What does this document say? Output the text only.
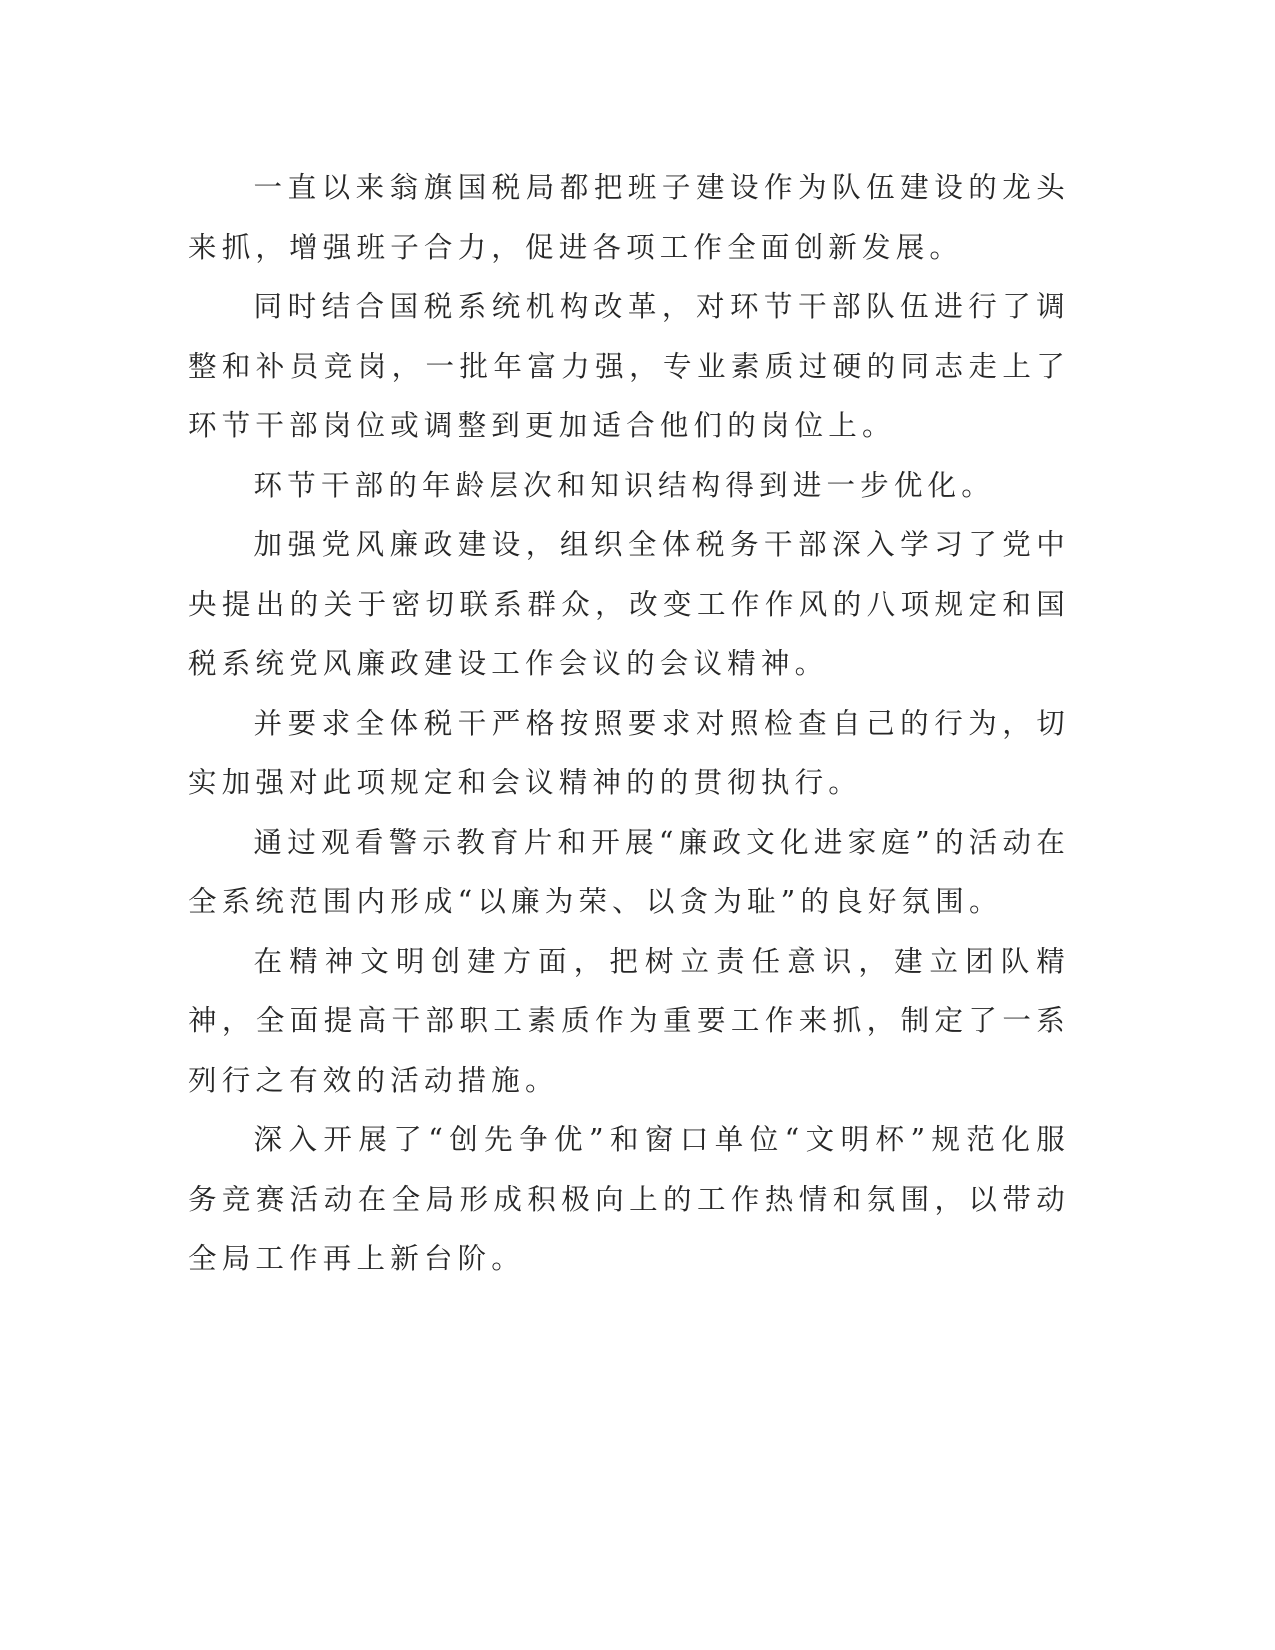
一直以来翁旗国税局都把班子建设作为队伍建设的龙头来抓，增强班子合力，促进各项工作全面创新发展。

同时结合国税系统机构改革，对环节干部队伍进行了调整和补员竞岗，一批年富力强，专业素质过硬的同志走上了环节干部岗位或调整到更加适合他们的岗位上。

环节干部的年龄层次和知识结构得到进一步优化。

加强党风廉政建设，组织全体税务干部深入学习了党中央提出的关于密切联系群众，改变工作作风的八项规定和国税系统党风廉政建设工作会议的会议精神。

并要求全体税干严格按照要求对照检查自己的行为，切实加强对此项规定和会议精神的的贯彻执行。

通过观看警示教育片和开展“廉政文化进家庭”的活动在全系统范围内形成“以廉为荣、以贪为耻”的良好氛围。

在精神文明创建方面，把树立责任意识，建立团队精神，全面提高干部职工素质作为重要工作来抓，制定了一系列行之有效的活动措施。

深入开展了“创先争优”和窗口单位“文明杯”规范化服务竞赛活动在全局形成积极向上的工作热情和氛围，以带动全局工作再上新台阶。
